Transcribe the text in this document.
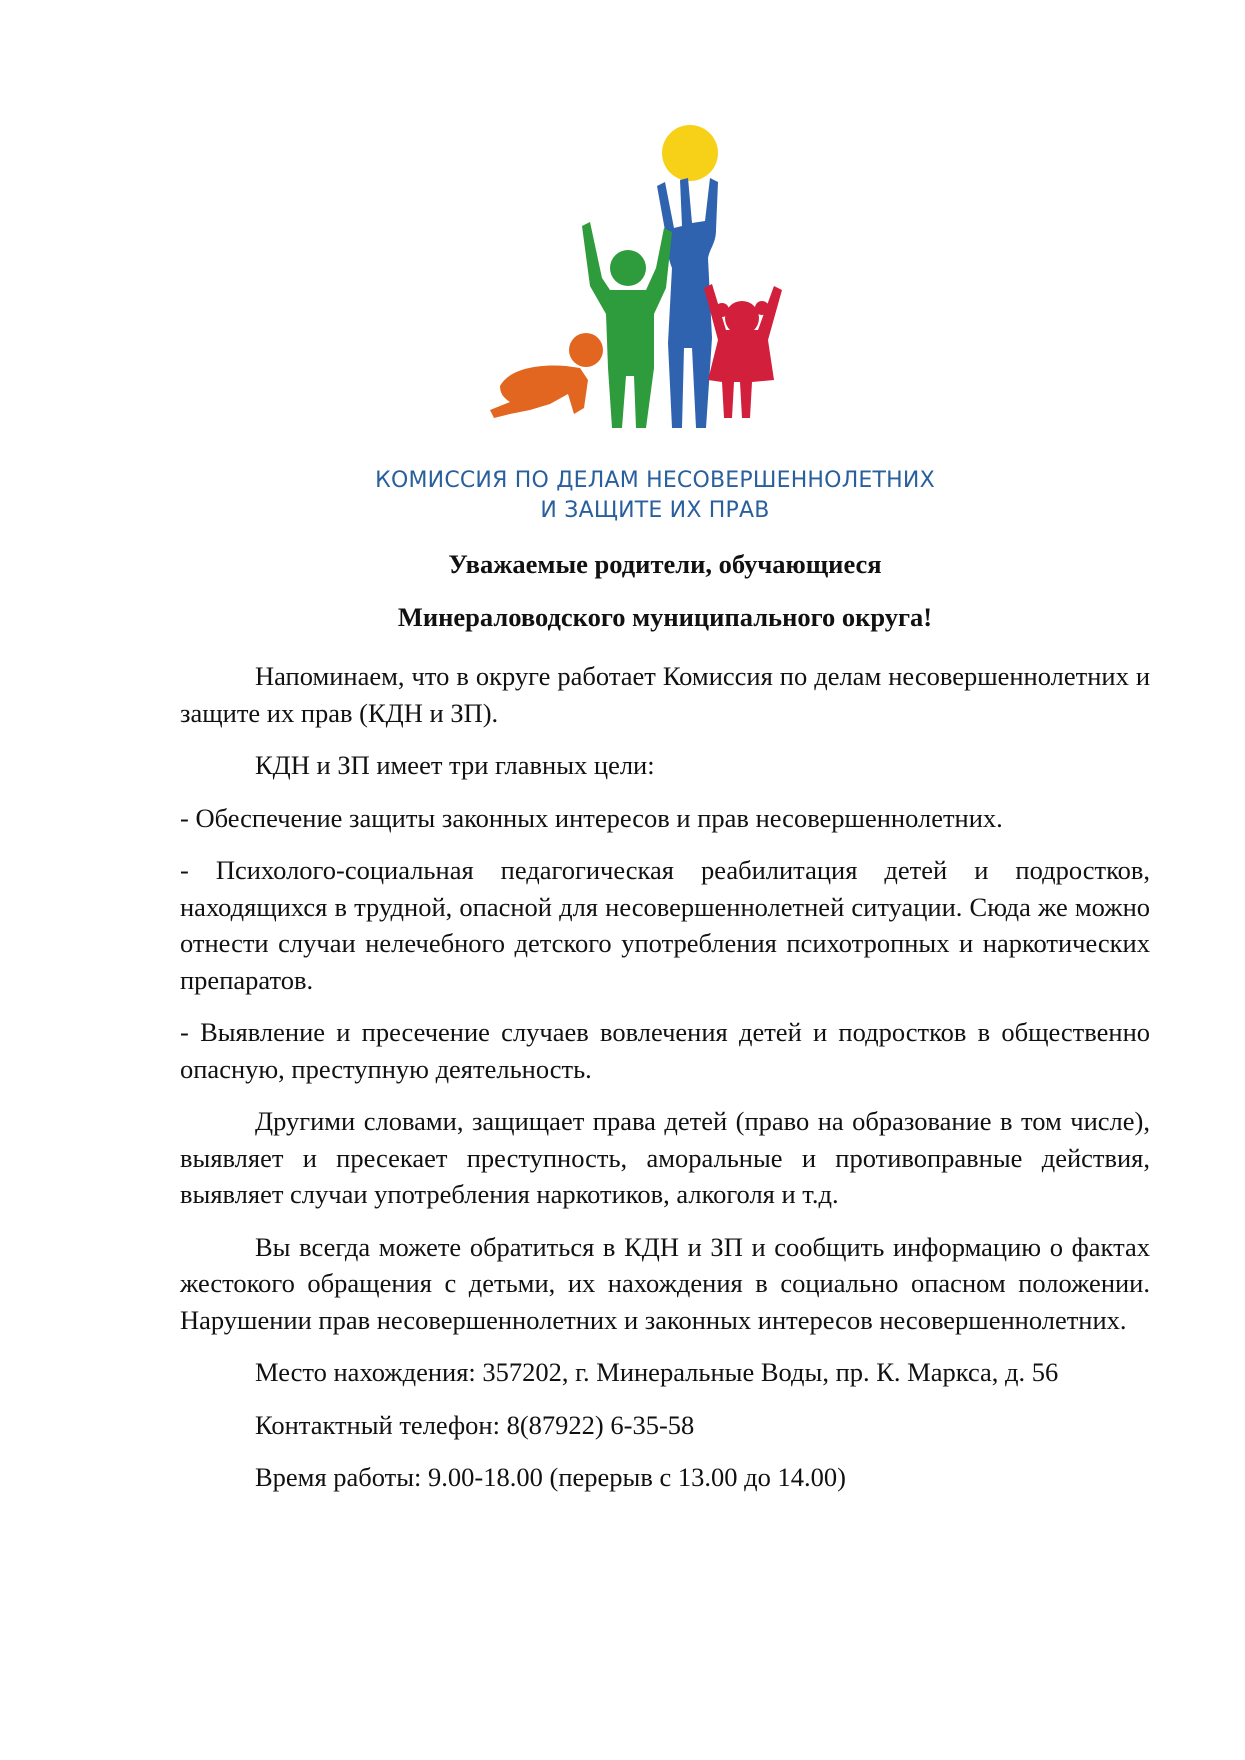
КОМИССИЯ ПО ДЕЛАМ НЕСОВЕРШЕННОЛЕТНИХ
И ЗАЩИТЕ ИХ ПРАВ
Уважаемые родители, обучающиеся
Минераловодского муниципального округа!

Напоминаем, что в округе работает Комиссия по делам несовершеннолетних и защите их прав (КДН и ЗП).

КДН и ЗП имеет три главных цели:

- Обеспечение защиты законных интересов и прав несовершеннолетних.

- Психолого-социальная педагогическая реабилитация детей и подростков, находящихся в трудной, опасной для несовершеннолетней ситуации. Сюда же можно отнести случаи нелечебного детского употребления психотропных и наркотических препаратов.

- Выявление и пресечение случаев вовлечения детей и подростков в общественно опасную, преступную деятельность.

Другими словами, защищает права детей (право на образование в том числе), выявляет и пресекает преступность, аморальные и противоправные действия, выявляет случаи употребления наркотиков, алкоголя и т.д.

Вы всегда можете обратиться в КДН и ЗП и сообщить информацию о фактах жестокого обращения с детьми, их нахождения в социально опасном положении. Нарушении прав несовершеннолетних и законных интересов несовершеннолетних.

Место нахождения: 357202, г. Минеральные Воды, пр. К. Маркса, д. 56

Контактный телефон: 8(87922) 6-35-58

Время работы: 9.00-18.00 (перерыв с 13.00 до 14.00)
